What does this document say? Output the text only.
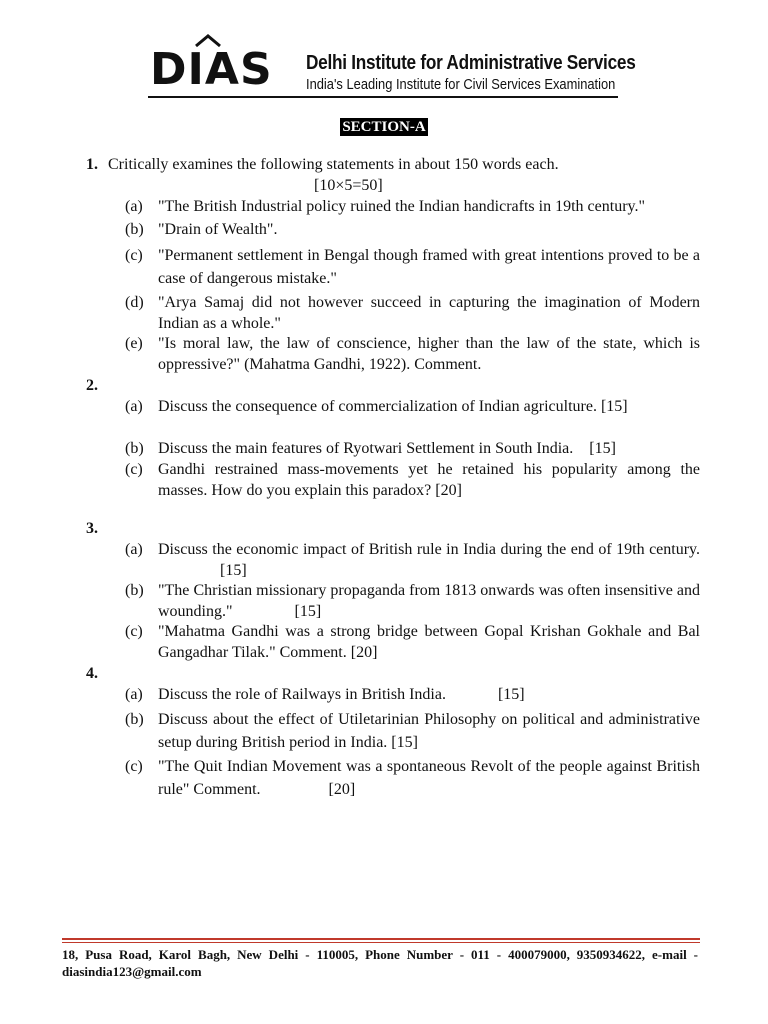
DIAS Delhi Institute for Administrative Services
India's Leading Institute for Civil Services Examination
SECTION-A
1. Critically examines the following statements in about 150 words each.
[10×5=50]
(a) "The British Industrial policy ruined the Indian handicrafts in 19th century."
(b) "Drain of Wealth".
(c) "Permanent settlement in Bengal though framed with great intentions proved to be a case of dangerous mistake."
(d) "Arya Samaj did not however succeed in capturing the imagination of Modern Indian as a whole."
(e) "Is moral law, the law of conscience, higher than the law of the state, which is oppressive?" (Mahatma Gandhi, 1922). Comment.
2.
(a) Discuss the consequence of commercialization of Indian agriculture. [15]
(b) Discuss the main features of Ryotwari Settlement in South India.    [15]
(c) Gandhi restrained mass-movements yet he retained his popularity among the masses. How do you explain this paradox? [20]
3.
(a) Discuss the economic impact of British rule in India during the end of 19th century.[15]
(b) "The Christian missionary propaganda from 1813 onwards was often insensitive and wounding."	[15]
(c) "Mahatma Gandhi was a strong bridge between Gopal Krishan Gokhale and Bal Gangadhar Tilak." Comment. [20]
4.
(a) Discuss the role of Railways in British India.	[15]
(b) Discuss about the effect of Utiletarinian Philosophy on political and administrative setup during British period in India. [15]
(c) "The Quit Indian Movement was a spontaneous Revolt of the people against British rule" Comment.	[20]
18, Pusa Road, Karol Bagh, New Delhi - 110005, Phone Number - 011 - 400079000, 9350934622, e-mail - diasindia123@gmail.com
